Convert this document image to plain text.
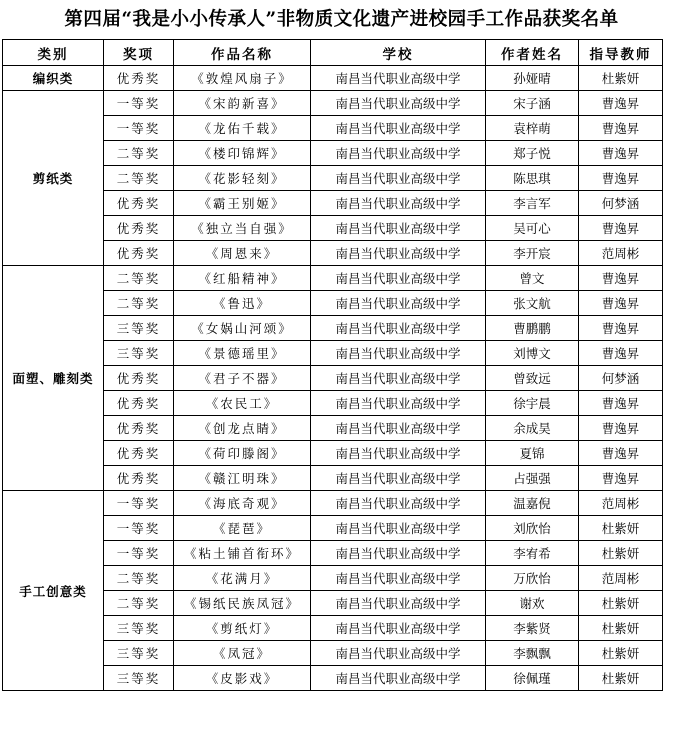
第四届“我是小小传承人”非物质文化遗产进校园手工作品获奖名单
类别	奖项	作品名称	学校	作者姓名	指导教师
编织类	优秀奖	《敦煌风扇子》	南昌当代职业高级中学	孙娅晴	杜紫妍
剪纸类	一等奖	《宋韵新喜》	南昌当代职业高级中学	宋子涵	曹逸昇
	一等奖	《龙佑千载》	南昌当代职业高级中学	袁梓萌	曹逸昇
	二等奖	《楼印锦辉》	南昌当代职业高级中学	郑子悦	曹逸昇
	二等奖	《花影轻刻》	南昌当代职业高级中学	陈思琪	曹逸昇
	优秀奖	《霸王别姬》	南昌当代职业高级中学	李言军	何梦涵
	优秀奖	《独立当自强》	南昌当代职业高级中学	吴可心	曹逸昇
	优秀奖	《周恩来》	南昌当代职业高级中学	李开宸	范周彬
面塑、雕刻类	二等奖	《红船精神》	南昌当代职业高级中学	曾文	曹逸昇
	二等奖	《鲁迅》	南昌当代职业高级中学	张文航	曹逸昇
	三等奖	《女娲山河颂》	南昌当代职业高级中学	曹鹏鹏	曹逸昇
	三等奖	《景德瑶里》	南昌当代职业高级中学	刘博文	曹逸昇
	优秀奖	《君子不器》	南昌当代职业高级中学	曾致远	何梦涵
	优秀奖	《农民工》	南昌当代职业高级中学	徐宇晨	曹逸昇
	优秀奖	《创龙点睛》	南昌当代职业高级中学	余成昊	曹逸昇
	优秀奖	《荷印滕阁》	南昌当代职业高级中学	夏锦	曹逸昇
	优秀奖	《赣江明珠》	南昌当代职业高级中学	占强强	曹逸昇
手工创意类	一等奖	《海底奇观》	南昌当代职业高级中学	温嘉倪	范周彬
	一等奖	《琵琶》	南昌当代职业高级中学	刘欣怡	杜紫妍
	一等奖	《粘土铺首衔环》	南昌当代职业高级中学	李宥希	杜紫妍
	二等奖	《花满月》	南昌当代职业高级中学	万欣怡	范周彬
	二等奖	《锡纸民族凤冠》	南昌当代职业高级中学	谢欢	杜紫妍
	三等奖	《剪纸灯》	南昌当代职业高级中学	李紫贤	杜紫妍
	三等奖	《凤冠》	南昌当代职业高级中学	李飘飘	杜紫妍
	三等奖	《皮影戏》	南昌当代职业高级中学	徐佩瑾	杜紫妍
